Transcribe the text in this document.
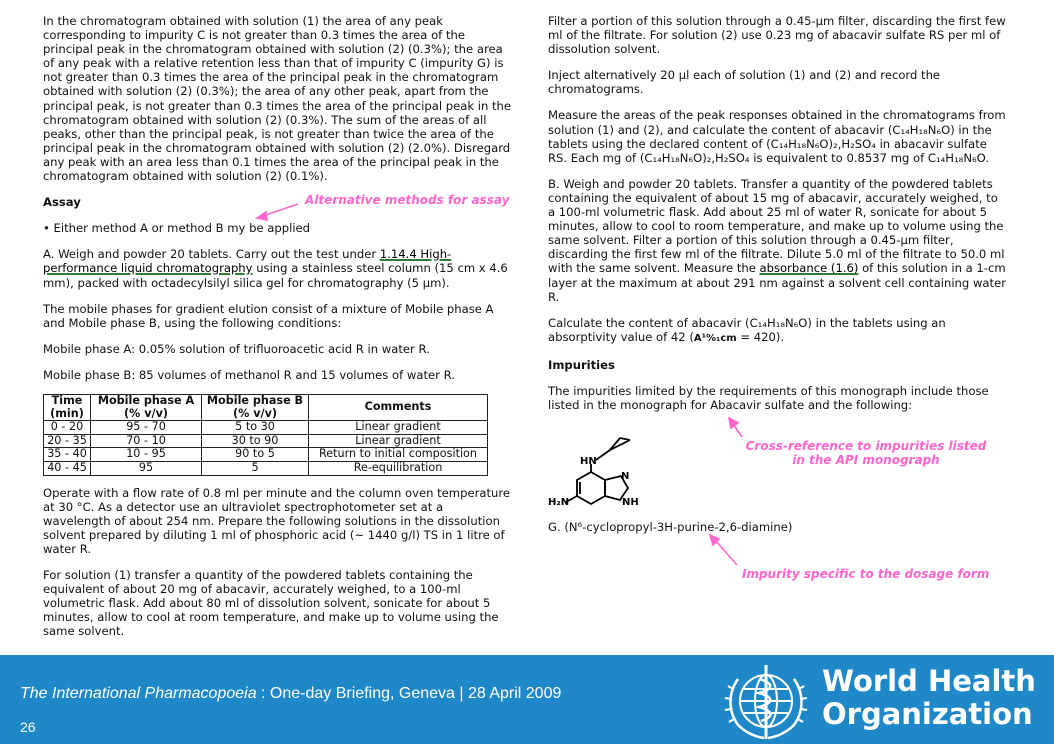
In the chromatogram obtained with solution (1) the area of any peak corresponding to impurity C is not greater than 0.3 times the area of the principal peak in the chromatogram obtained with solution (2) (0.3%); the area of any peak with a relative retention less than that of impurity C (impurity G) is not greater than 0.3 times the area of the principal peak in the chromatogram obtained with solution (2) (0.3%); the area of any other peak, apart from the principal peak, is not greater than 0.3 times the area of the principal peak in the chromatogram obtained with solution (2) (0.3%). The sum of the areas of all peaks, other than the principal peak, is not greater than twice the area of the principal peak in the chromatogram obtained with solution (2) (2.0%). Disregard any peak with an area less than 0.1 times the area of the principal peak in the chromatogram obtained with solution (2) (0.1%).

Assay

• Either method A or method B my be applied

A. Weigh and powder 20 tablets. Carry out the test under 1.14.4 High-performance liquid chromatography using a stainless steel column (15 cm x 4.6 mm), packed with octadecylsilyl silica gel for chromatography (5 µm).

The mobile phases for gradient elution consist of a mixture of Mobile phase A and Mobile phase B, using the following conditions:

Mobile phase A: 0.05% solution of trifluoroacetic acid R in water R.

Mobile phase B: 85 volumes of methanol R and 15 volumes of water R.

Time (min)	Mobile phase A (% v/v)	Mobile phase B (% v/v)	Comments
0 - 20	95 - 70	5 to 30	Linear gradient
20 - 35	70 - 10	30 to 90	Linear gradient
35 - 40	10 - 95	90 to 5	Return to initial composition
40 - 45	95	5	Re-equilibration

Operate with a flow rate of 0.8 ml per minute and the column oven temperature at 30 °C. As a detector use an ultraviolet spectrophotometer set at a wavelength of about 254 nm. Prepare the following solutions in the dissolution solvent prepared by diluting 1 ml of phosphoric acid (~ 1440 g/l) TS in 1 litre of water R.

For solution (1) transfer a quantity of the powdered tablets containing the equivalent of about 20 mg of abacavir, accurately weighed, to a 100-ml volumetric flask. Add about 80 ml of dissolution solvent, sonicate for about 5 minutes, allow to cool at room temperature, and make up to volume using the same solvent.

Filter a portion of this solution through a 0.45-µm filter, discarding the first few ml of the filtrate. For solution (2) use 0.23 mg of abacavir sulfate RS per ml of dissolution solvent.

Inject alternatively 20 µl each of solution (1) and (2) and record the chromatograms.

Measure the areas of the peak responses obtained in the chromatograms from solution (1) and (2), and calculate the content of abacavir (C₁₄H₁₈N₆O) in the tablets using the declared content of (C₁₄H₁₈N₆O)₂,H₂SO₄ in abacavir sulfate RS. Each mg of (C₁₄H₁₈N₆O)₂,H₂SO₄ is equivalent to 0.8537 mg of C₁₄H₁₈N₆O.

B. Weigh and powder 20 tablets. Transfer a quantity of the powdered tablets containing the equivalent of about 15 mg of abacavir, accurately weighed, to a 100-ml volumetric flask. Add about 25 ml of water R, sonicate for about 5 minutes, allow to cool to room temperature, and make up to volume using the same solvent. Filter a portion of this solution through a 0.45-µm filter, discarding the first few ml of the filtrate. Dilute 5.0 ml of the filtrate to 50.0 ml with the same solvent. Measure the absorbance (1.6) of this solution in a 1-cm layer at the maximum at about 291 nm against a solvent cell containing water R.

Calculate the content of abacavir (C₁₄H₁₈N₆O) in the tablets using an absorptivity value of 42 (A¹%₁cm = 420).

Impurities

The impurities limited by the requirements of this monograph include those listed in the monograph for Abacavir sulfate and the following:

HN
N
NH
H₂N
G. (N⁶-cyclopropyl-3H-purine-2,6-diamine)
Alternative methods for assay
Cross-reference to impurities listed in the API monograph
Impurity specific to the dosage form
The International Pharmacopoeia : One-day Briefing, Geneva | 28 April 2009
26
World Health
Organization
